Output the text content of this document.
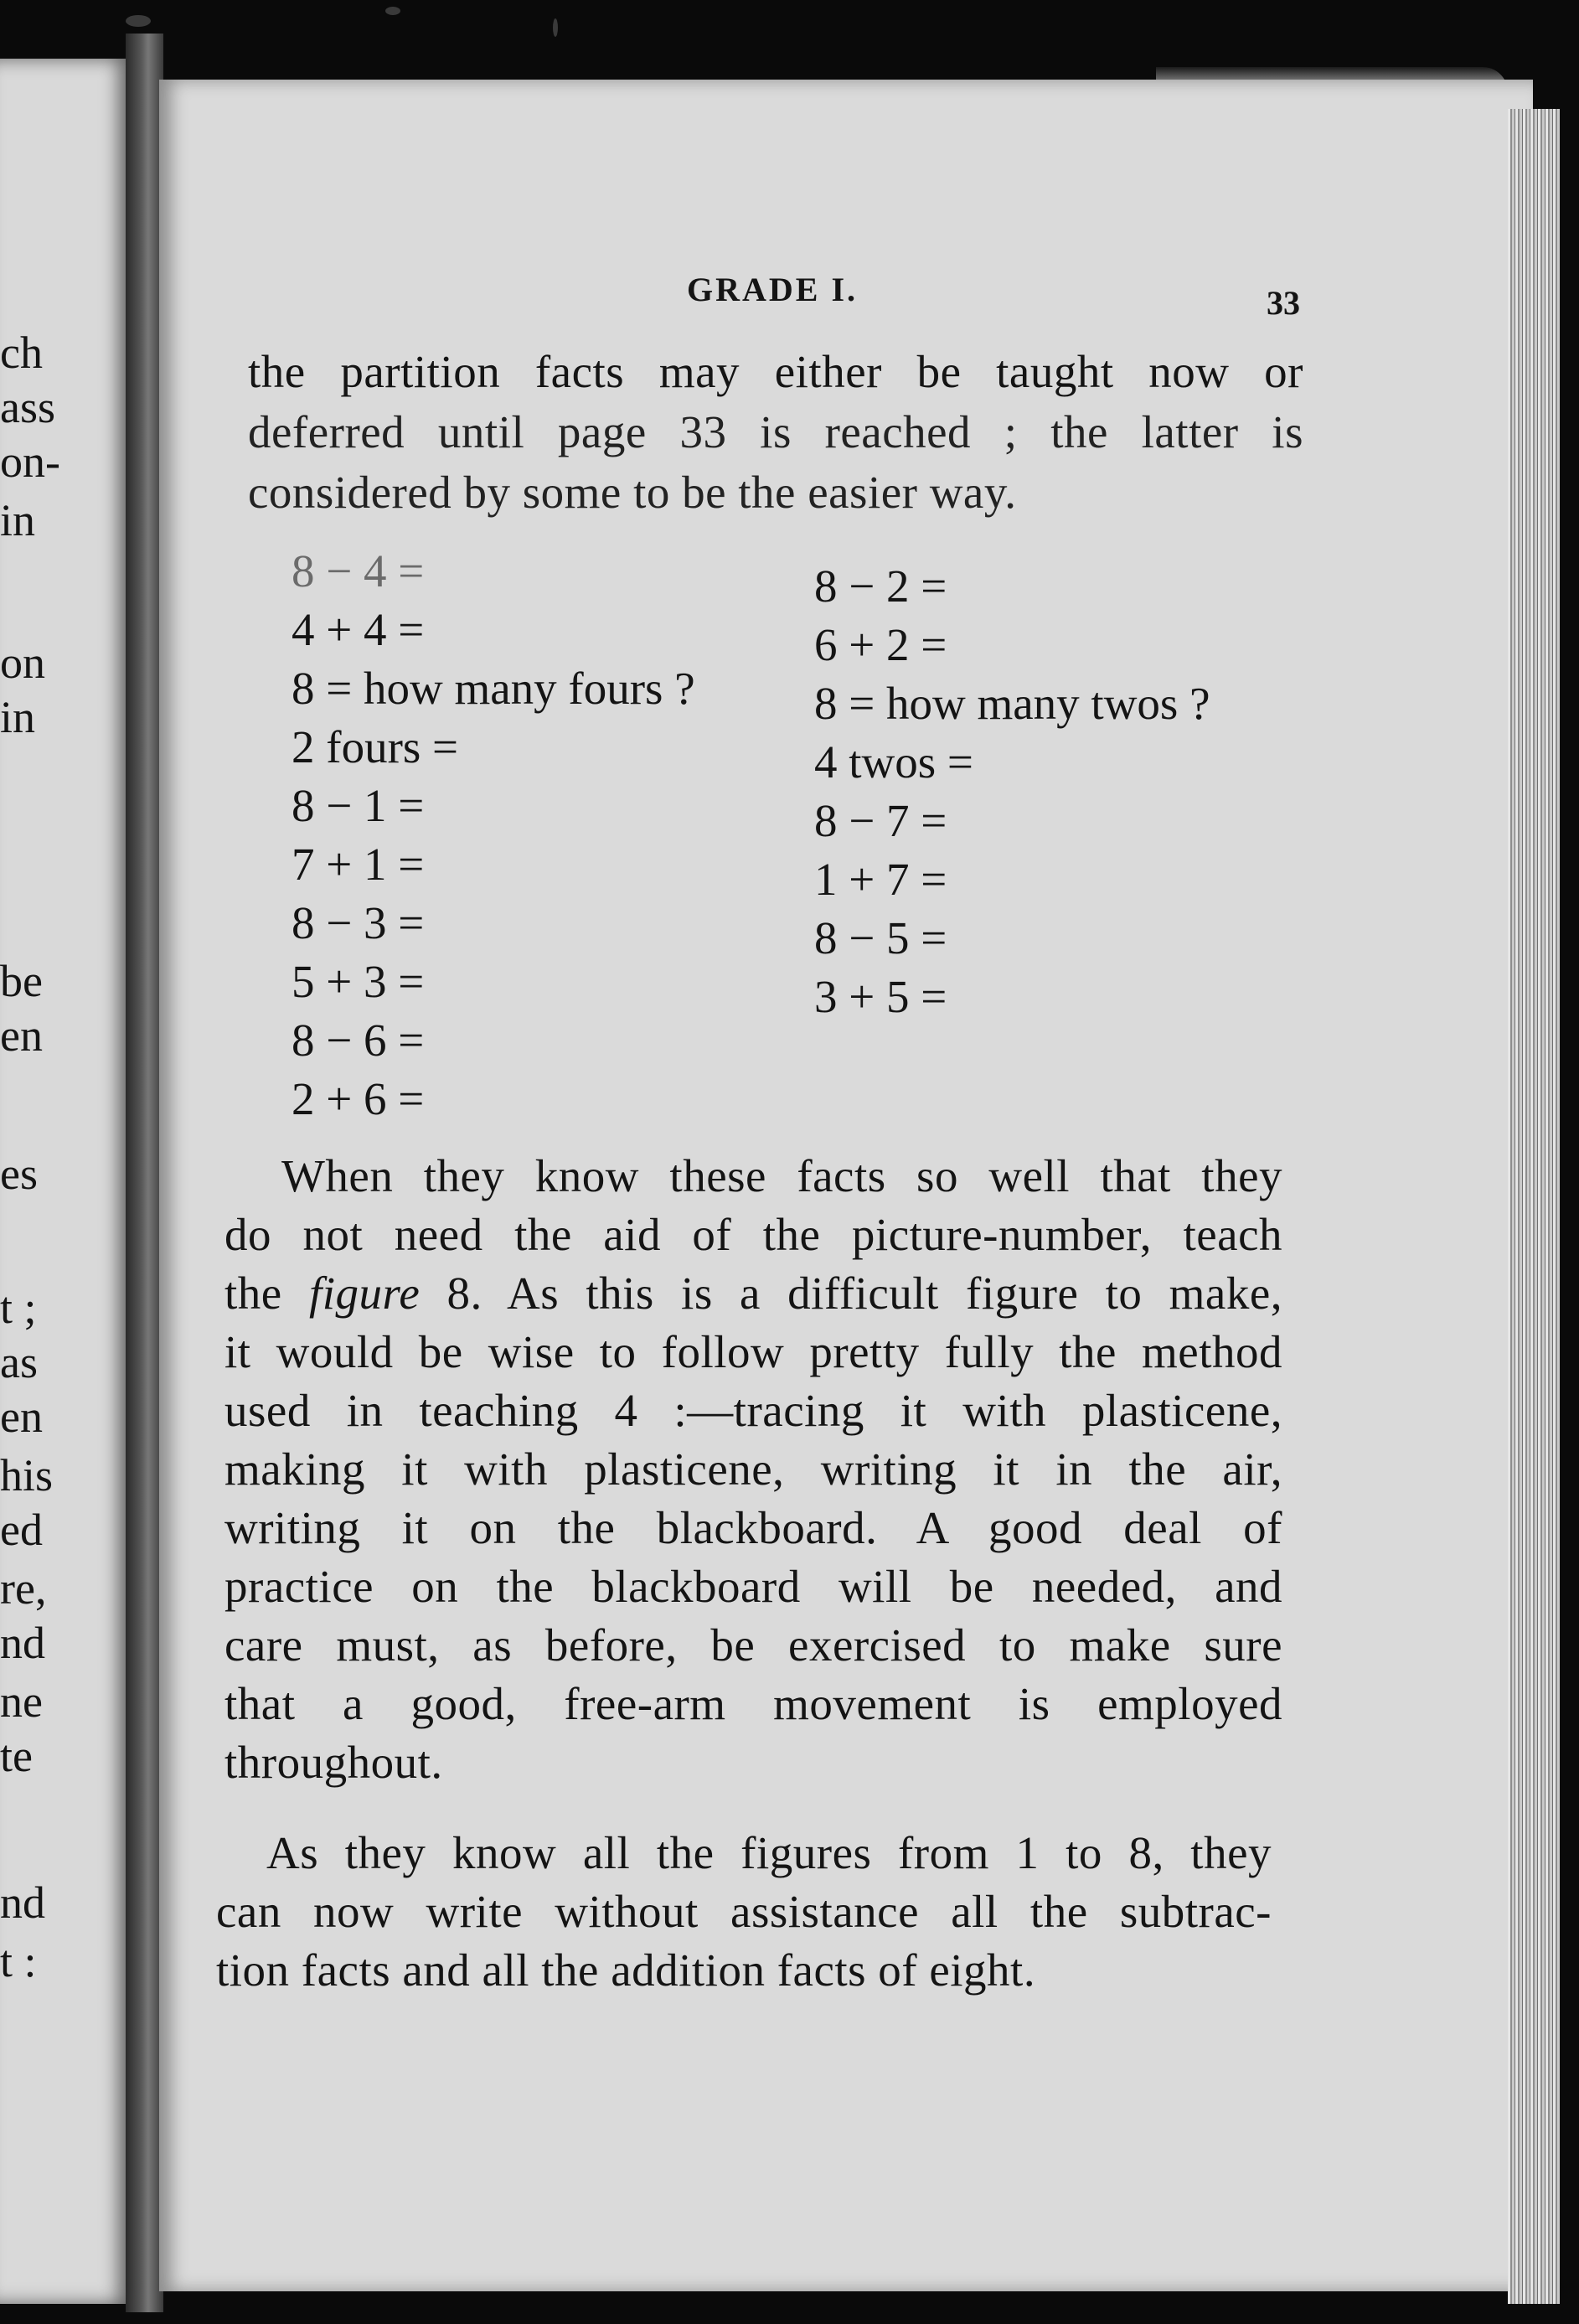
GRADE I.	33
ch
ass
on-
in
on
in
be
en
es
t ;
as
en
his
ed
re,
nd
ne
te
nd
t :
the partition facts may either be taught now or
deferred until page 33 is reached ; the latter is
considered by some to be the easier way.
8 − 4 =
4 + 4 =
8 = how many fours ?
2 fours =
8 − 1 =
7 + 1 =
8 − 3 =
5 + 3 =
8 − 6 =
2 + 6 =
8 − 2 =
6 + 2 =
8 = how many twos ?
4 twos =
8 − 7 =
1 + 7 =
8 − 5 =
3 + 5 =
When they know these facts so well that they
do not need the aid of the picture-number, teach
the figure 8. As this is a difficult figure to make,
it would be wise to follow pretty fully the method
used in teaching 4 :—tracing it with plasticene,
making it with plasticene, writing it in the air,
writing it on the blackboard. A good deal of
practice on the blackboard will be needed, and
care must, as before, be exercised to make sure
that a good, free-arm movement is employed
throughout.
As they know all the figures from 1 to 8, they
can now write without assistance all the subtrac-
tion facts and all the addition facts of eight.
